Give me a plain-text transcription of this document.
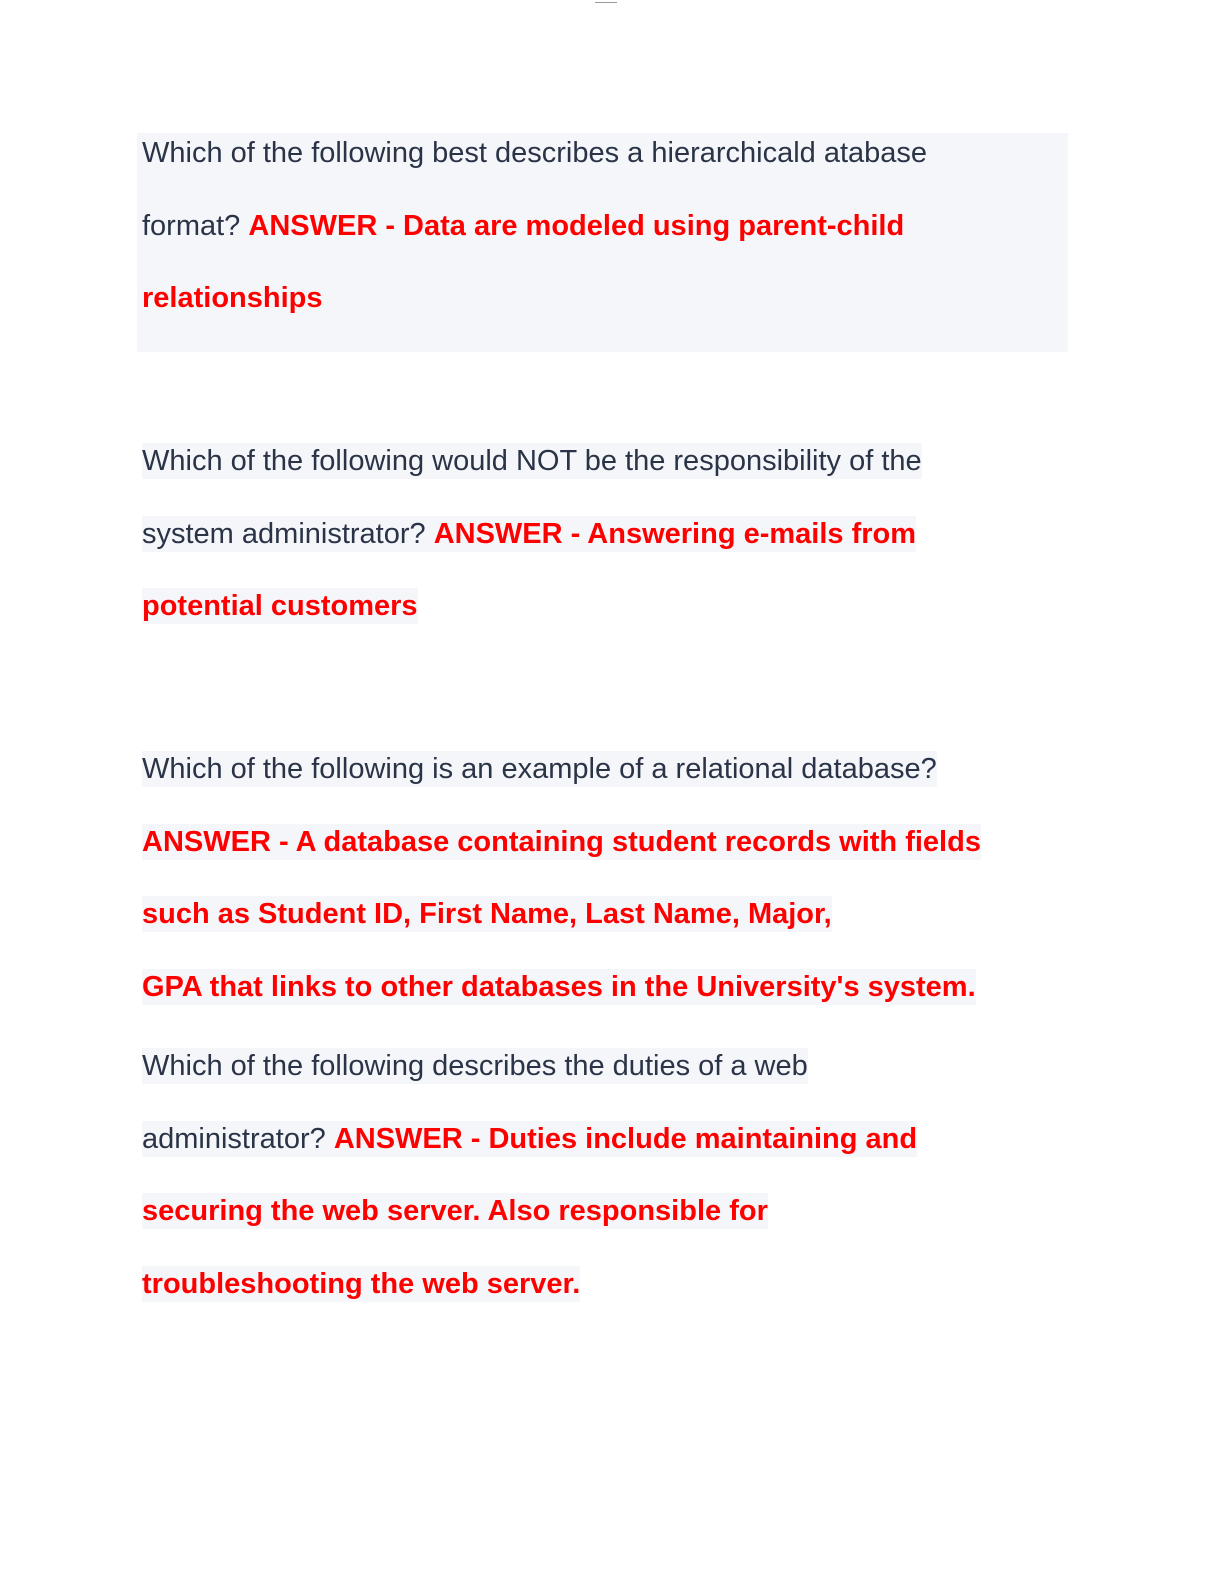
Which of the following best describes a hierarchicald atabase
format? ANSWER - Data are modeled using parent-child
relationships
Which of the following would NOT be the responsibility of the
system administrator? ANSWER - Answering e-mails from
potential customers
Which of the following is an example of a relational database?
ANSWER - A database containing student records with fields
such as Student ID, First Name, Last Name, Major,
GPA that links to other databases in the University's system.
Which of the following describes the duties of a web
administrator? ANSWER - Duties include maintaining and
securing the web server. Also responsible for
troubleshooting the web server.
